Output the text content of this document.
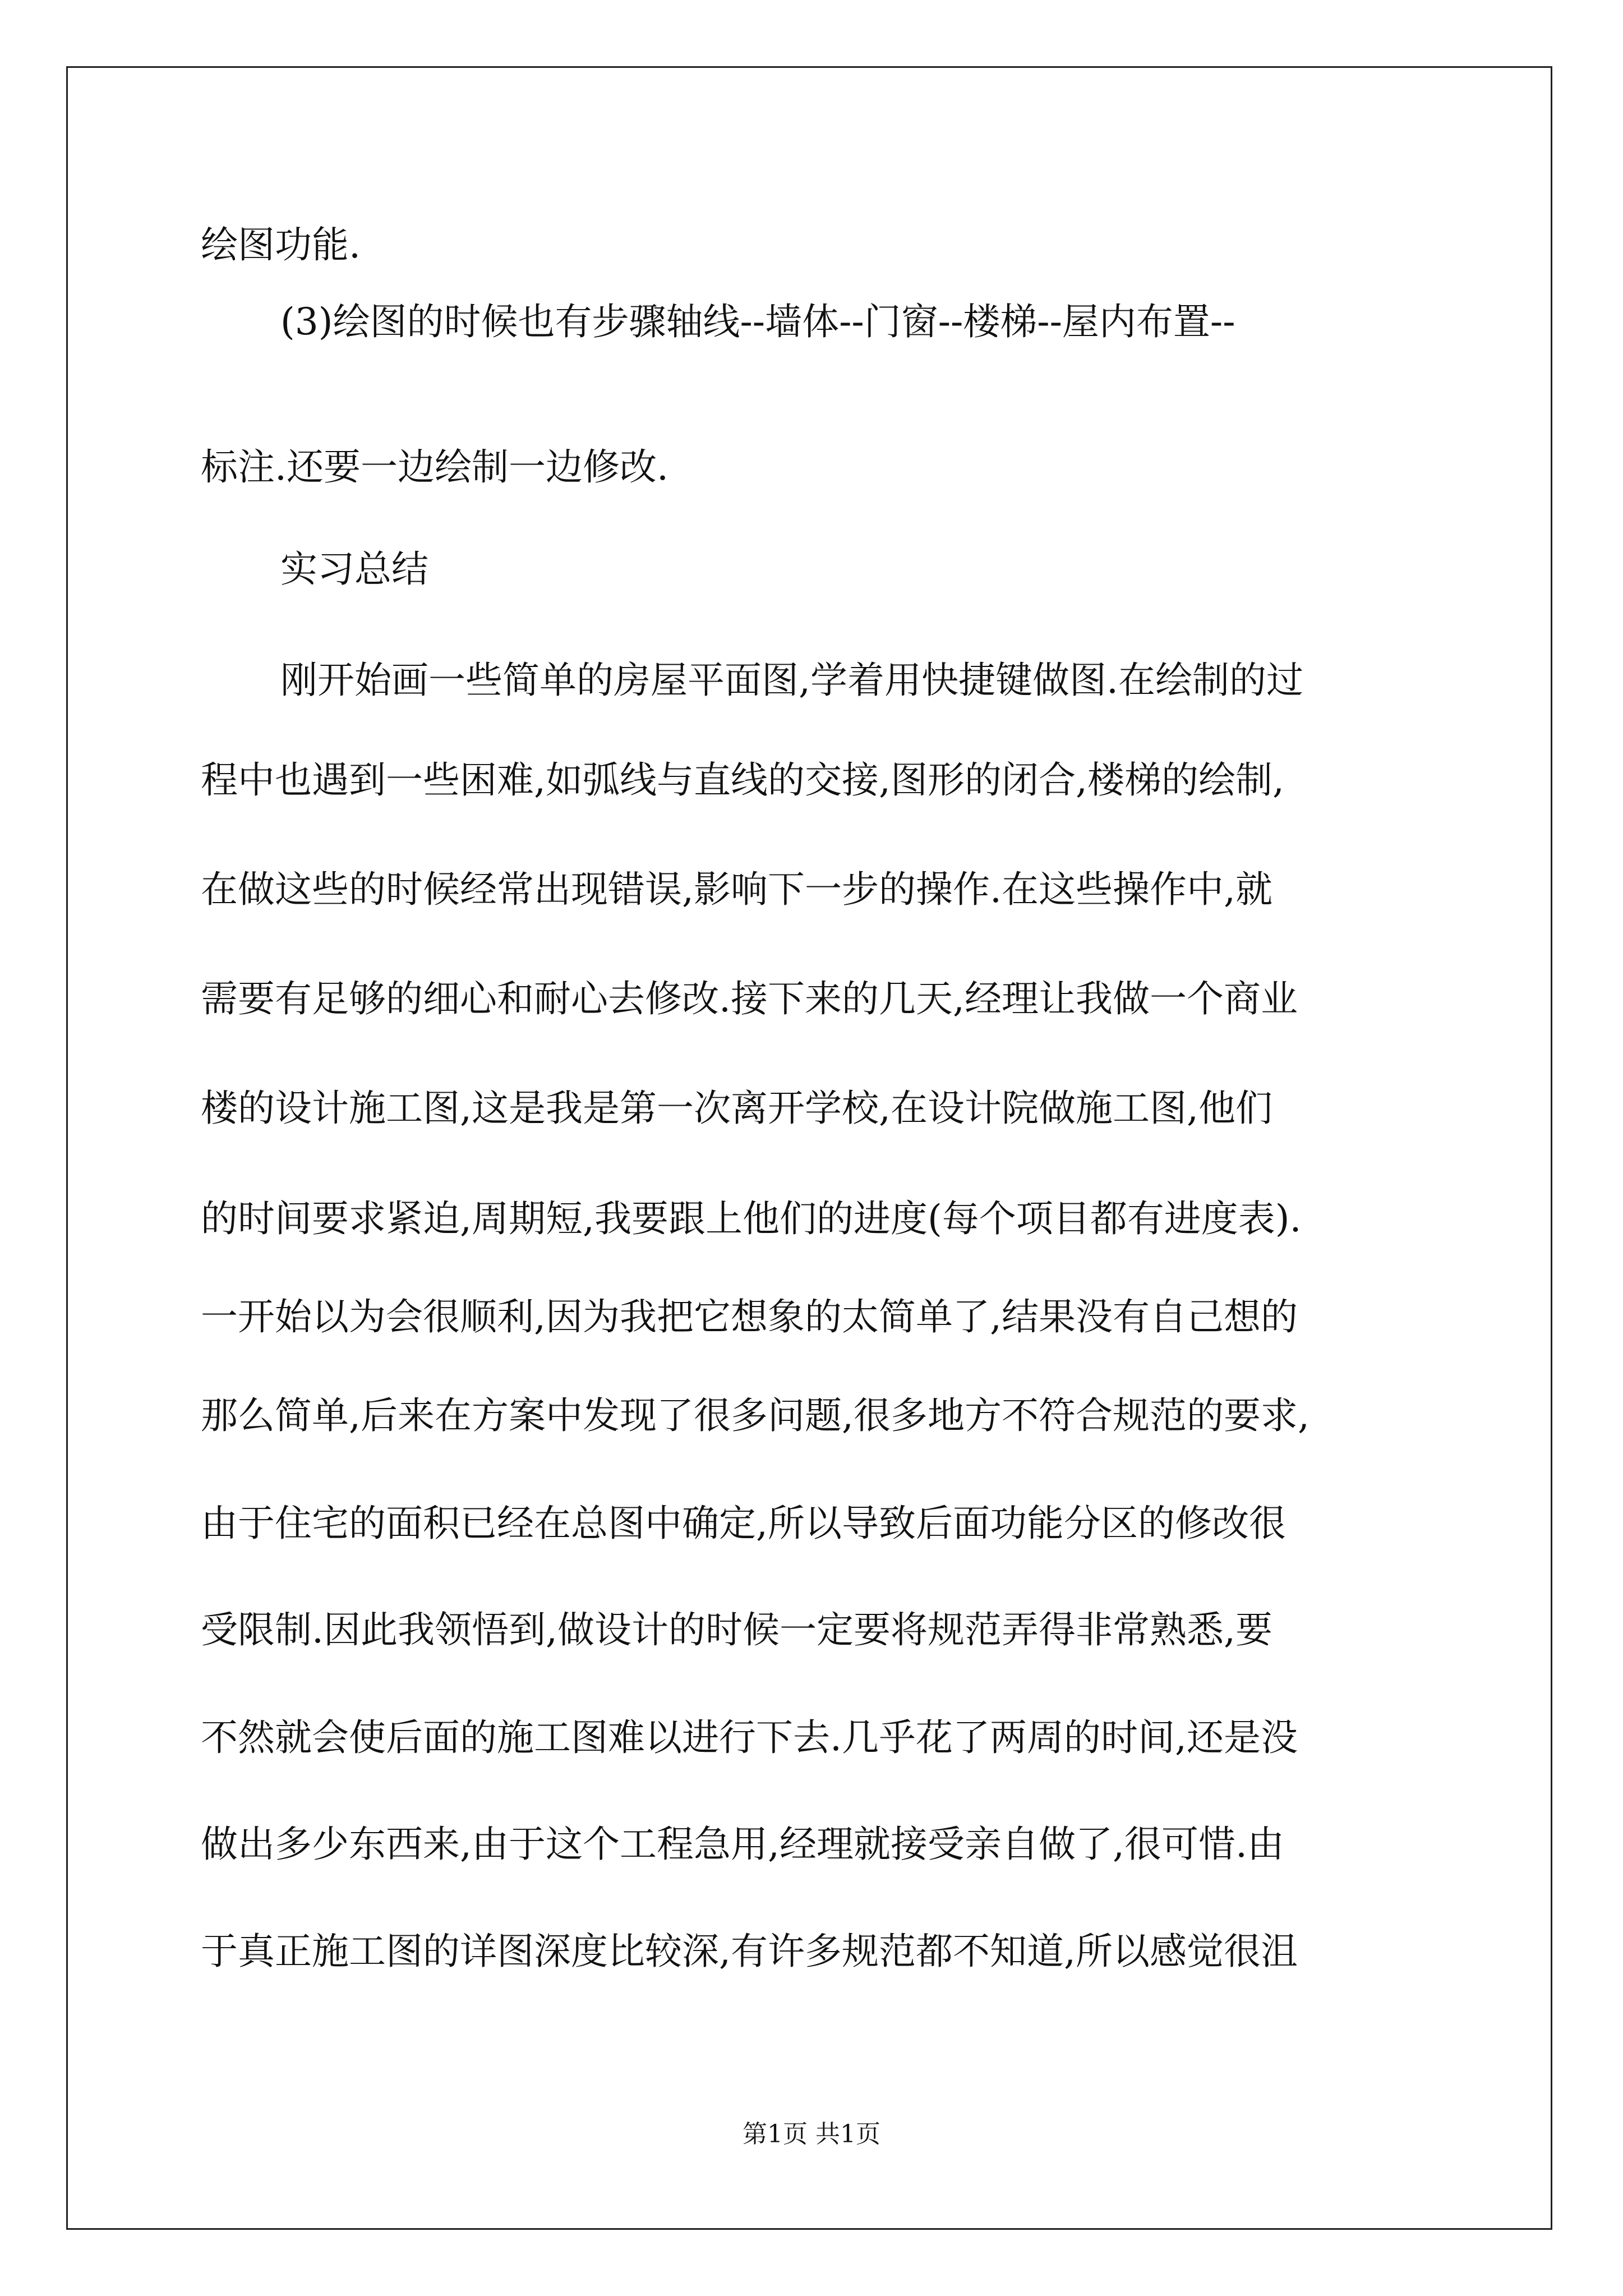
绘图功能.
(3)绘图的时候也有步骤轴线--墙体--门窗--楼梯--屋内布置--
标注.还要一边绘制一边修改.
实习总结
刚开始画一些简单的房屋平面图,学着用快捷键做图.在绘制的过
程中也遇到一些困难,如弧线与直线的交接,图形的闭合,楼梯的绘制,
在做这些的时候经常出现错误,影响下一步的操作.在这些操作中,就
需要有足够的细心和耐心去修改.接下来的几天,经理让我做一个商业
楼的设计施工图,这是我是第一次离开学校,在设计院做施工图,他们
的时间要求紧迫,周期短,我要跟上他们的进度(每个项目都有进度表).
一开始以为会很顺利,因为我把它想象的太简单了,结果没有自己想的
那么简单,后来在方案中发现了很多问题,很多地方不符合规范的要求,
由于住宅的面积已经在总图中确定,所以导致后面功能分区的修改很
受限制.因此我领悟到,做设计的时候一定要将规范弄得非常熟悉,要
不然就会使后面的施工图难以进行下去.几乎花了两周的时间,还是没
做出多少东西来,由于这个工程急用,经理就接受亲自做了,很可惜.由
于真正施工图的详图深度比较深,有许多规范都不知道,所以感觉很沮
第1页 共1页
